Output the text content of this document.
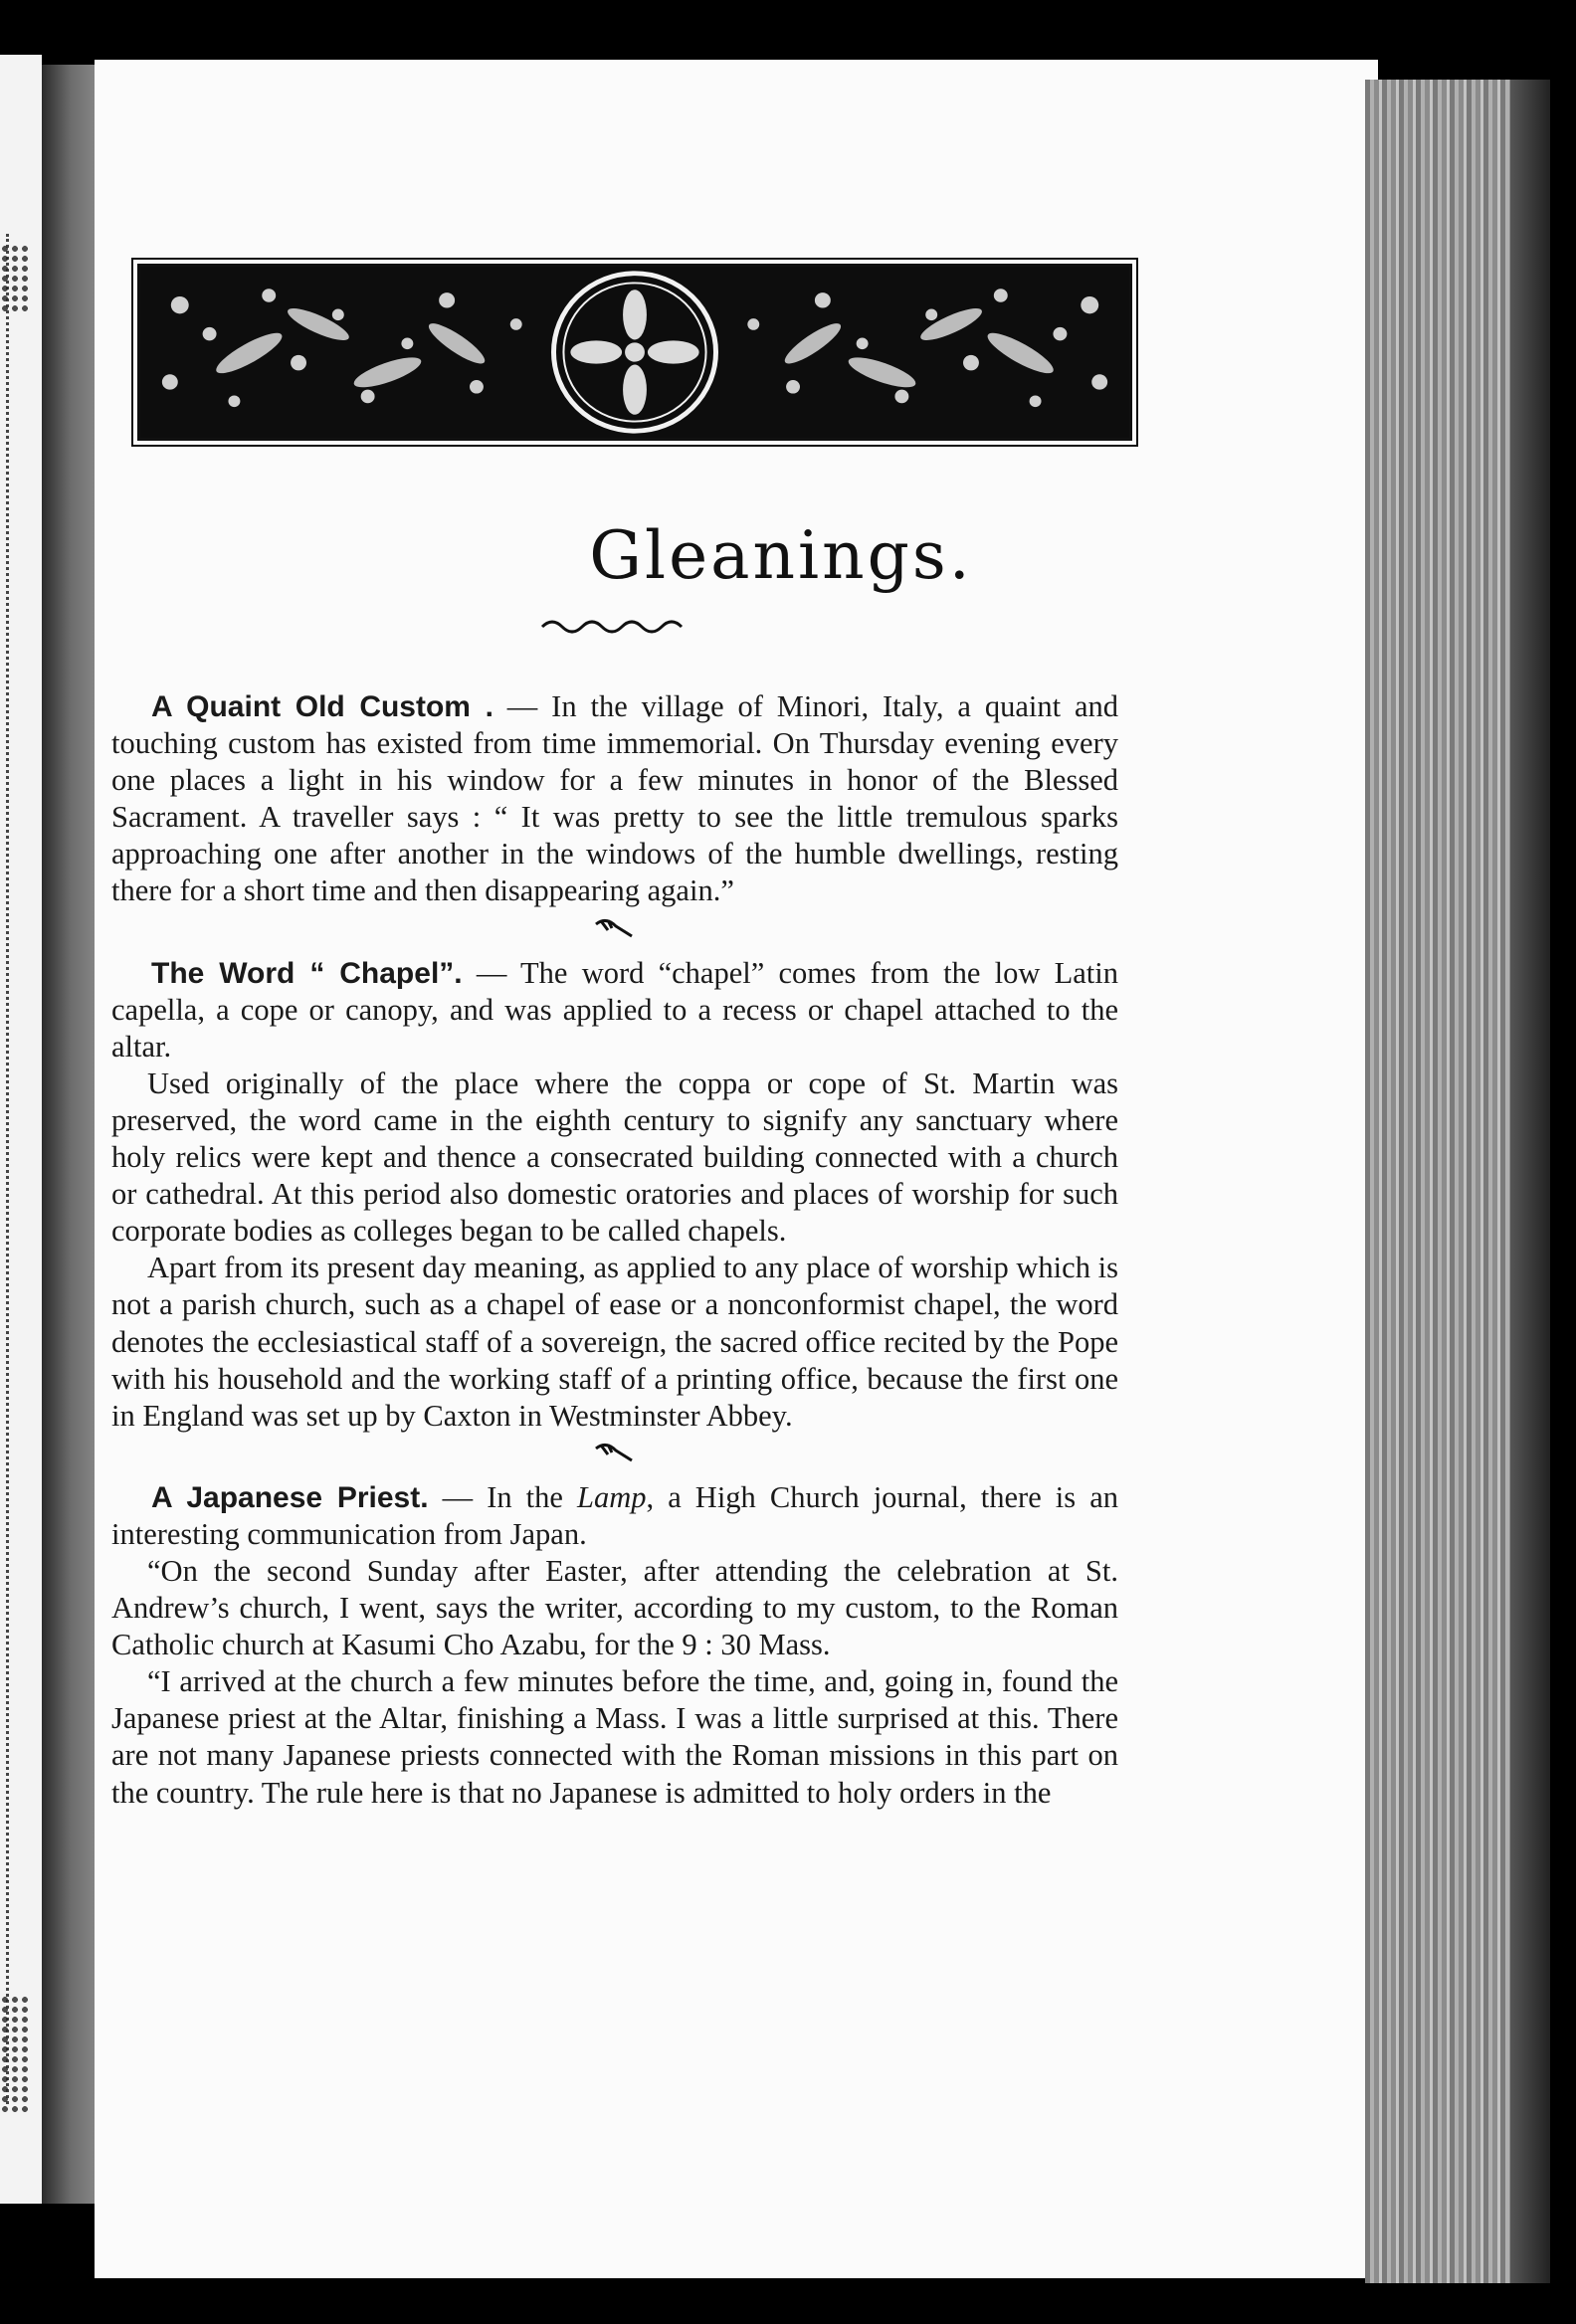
Gleanings.

A Quaint Old Custom . — In the village of Minori, Italy, a quaint and touching custom has existed from time immemorial. On Thursday evening every one places a light in his window for a few minutes in honor of the Blessed Sacrament. A traveller says : “ It was pretty to see the little tremulous sparks approaching one after another in the windows of the humble dwellings, resting there for a short time and then disappearing again.”

The Word “ Chapel”. — The word “chapel” comes from the low Latin capella, a cope or canopy, and was applied to a recess or chapel attached to the altar.

Used originally of the place where the coppa or cope of St. Martin was preserved, the word came in the eighth century to signify any sanctuary where holy relics were kept and thence a consecrated building connected with a church or cathedral. At this period also domestic oratories and places of worship for such corporate bodies as colleges began to be called chapels.

Apart from its present day meaning, as applied to any place of worship which is not a parish church, such as a chapel of ease or a nonconformist chapel, the word denotes the ecclesiastical staff of a sovereign, the sacred office recited by the Pope with his household and the working staff of a printing office, because the first one in England was set up by Caxton in Westminster Abbey.

A Japanese Priest. — In the Lamp, a High Church journal, there is an interesting communication from Japan.

“On the second Sunday after Easter, after attending the celebration at St. Andrew’s church, I went, says the writer, according to my custom, to the Roman Catholic church at Kasumi Cho Azabu, for the 9 : 30 Mass.

“I arrived at the church a few minutes before the time, and, going in, found the Japanese priest at the Altar, finishing a Mass. I was a little surprised at this. There are not many Japanese priests connected with the Roman missions in this part on the country. The rule here is that no Japanese is admitted to holy orders in the
